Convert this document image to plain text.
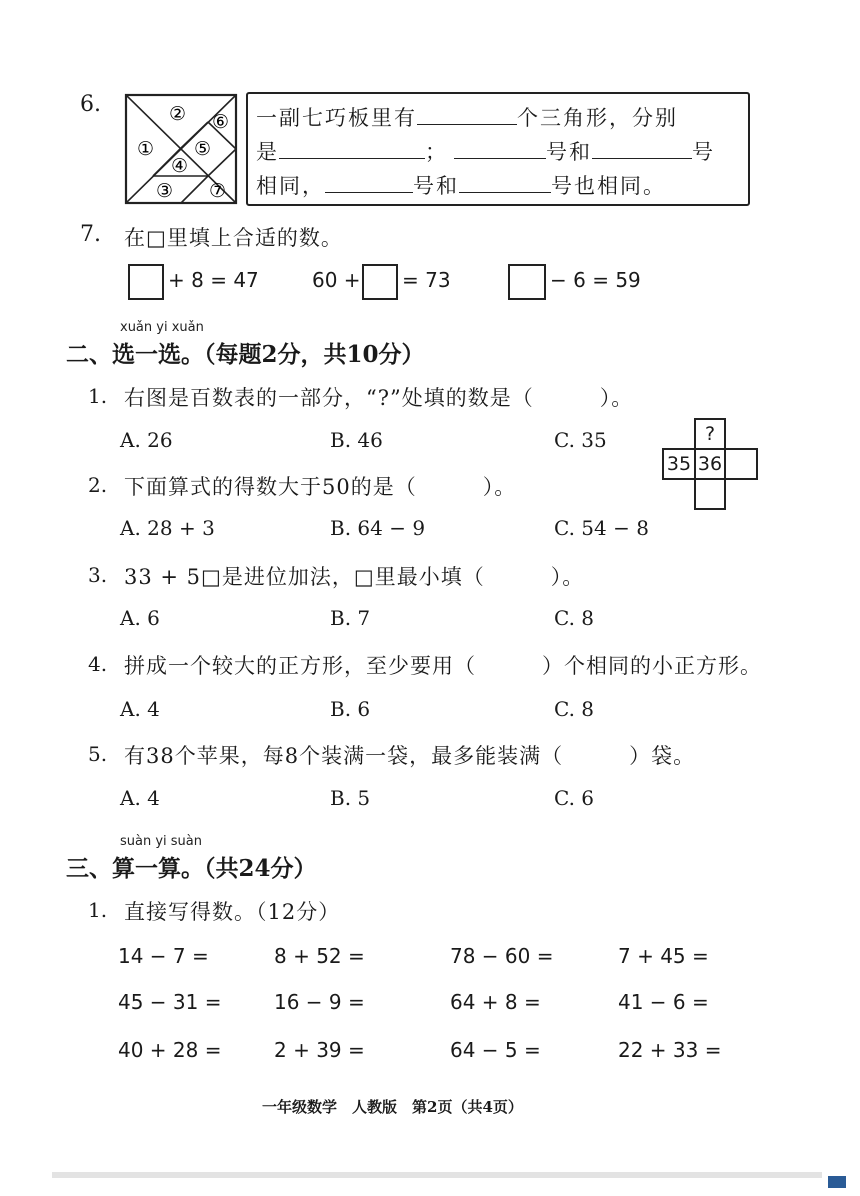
6.
①
②
③
④
⑤
⑥
⑦
一副七巧板里有	个三角形，分别
是	；	号和	号
相同，	号和	号也相同。
7. 在□里填上合适的数。
+ 8 = 47	60 + = 73	− 6 = 59
xuǎn yi xuǎn
二、选一选。（每题2分，共10分）
1. 右图是百数表的一部分，“?”处填的数是（　　　）。
A. 26	B. 46	C. 35	?
35 36
2. 下面算式的得数大于50的是（　　　）。
A. 28 + 3	B. 64 − 9	C. 54 − 8
3. 33 + 5□是进位加法，□里最小填（　　　）。
A. 6	B. 7	C. 8
4. 拼成一个较大的正方形，至少要用（　　　）个相同的小正方形。
A. 4	B. 6	C. 8
5. 有38个苹果，每8个装满一袋，最多能装满（　　　）袋。
A. 4	B. 5	C. 6
suàn yi suàn
三、算一算。（共24分）
1. 直接写得数。（12分）
14 − 7 =	8 + 52 =	78 − 60 =	7 + 45 =
45 − 31 =	16 − 9 =	64 + 8 =	41 − 6 =
40 + 28 =	2 + 39 =	64 − 5 =	22 + 33 =
一年级数学　人教版　第2页（共4页）
